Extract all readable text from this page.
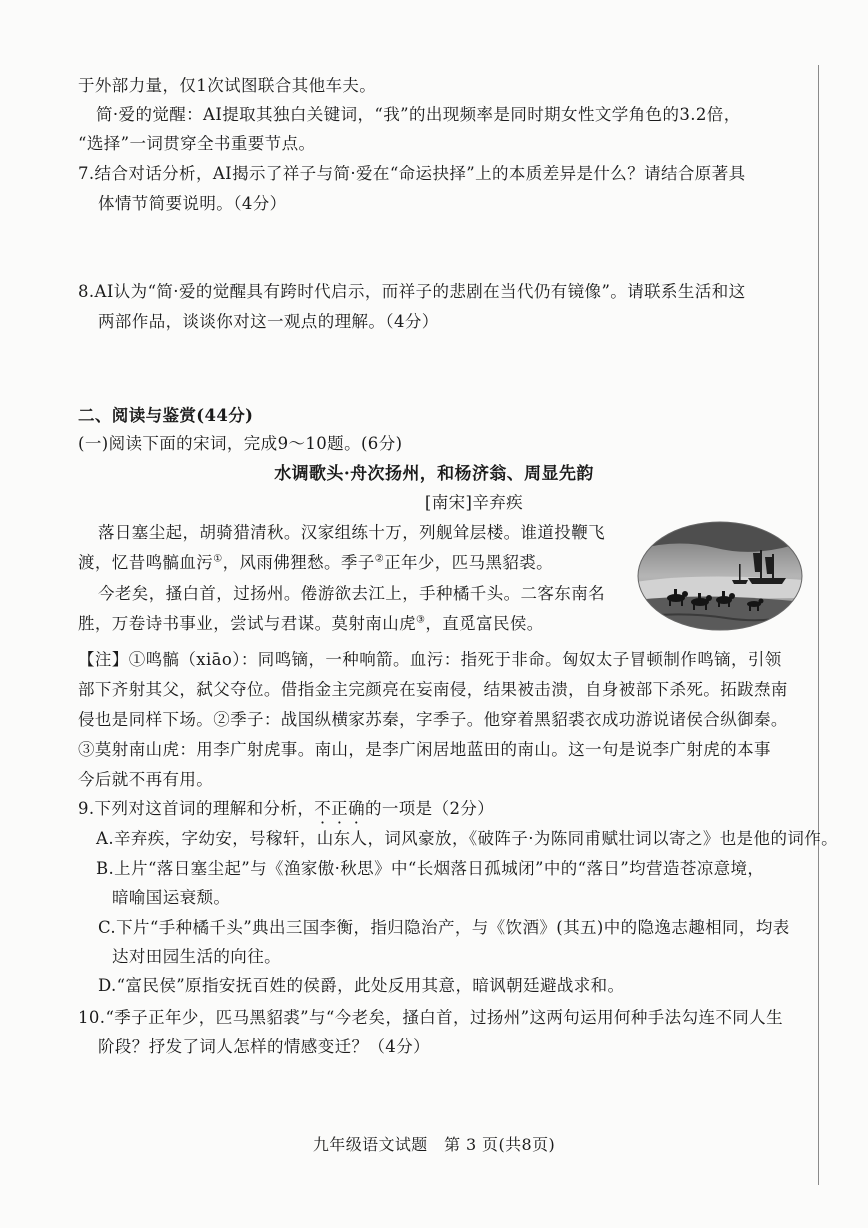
于外部力量，仅1次试图联合其他车夫。
简·爱的觉醒：AI提取其独白关键词，“我”的出现频率是同时期女性文学角色的3.2倍，
“选择”一词贯穿全书重要节点。
7.结合对话分析，AI揭示了祥子与简·爱在“命运抉择”上的本质差异是什么？请结合原著具
体情节简要说明。（4分）
8.AI认为“简·爱的觉醒具有跨时代启示，而祥子的悲剧在当代仍有镜像”。请联系生活和这
两部作品，谈谈你对这一观点的理解。（4分）
二、阅读与鉴赏(44分)
(一)阅读下面的宋词，完成9～10题。(6分)
水调歌头·舟次扬州，和杨济翁、周显先韵
[南宋]辛弃疾
落日塞尘起，胡骑猎清秋。汉家组练十万，列舰耸层楼。谁道投鞭飞
渡，忆昔鸣髇血污①，风雨佛狸愁。季子②正年少，匹马黑貂裘。
今老矣，搔白首，过扬州。倦游欲去江上，手种橘千头。二客东南名
胜，万卷诗书事业，尝试与君谋。莫射南山虎③，直觅富民侯。
【注】①鸣髇（xiāo）：同鸣镝，一种响箭。血污：指死于非命。匈奴太子冒顿制作鸣镝，引领
部下齐射其父，弑父夺位。借指金主完颜亮在妄南侵，结果被击溃，自身被部下杀死。拓跋焘南
侵也是同样下场。②季子：战国纵横家苏秦，字季子。他穿着黑貂裘衣成功游说诸侯合纵御秦。
③莫射南山虎：用李广射虎事。南山，是李广闲居地蓝田的南山。这一句是说李广射虎的本事
今后就不再有用。
9.下列对这首词的理解和分析，不正确的一项是（2分）
A.辛弃疾，字幼安，号稼轩，山东人，词风豪放，《破阵子·为陈同甫赋壮词以寄之》也是他的词作。
B.上片“落日塞尘起”与《渔家傲·秋思》中“长烟落日孤城闭”中的“落日”均营造苍凉意境，
暗喻国运衰颓。
C.下片“手种橘千头”典出三国李衡，指归隐治产，与《饮酒》(其五)中的隐逸志趣相同，均表
达对田园生活的向往。
D.“富民侯”原指安抚百姓的侯爵，此处反用其意，暗讽朝廷避战求和。
10.“季子正年少，匹马黑貂裘”与“今老矣，搔白首，过扬州”这两句运用何种手法勾连不同人生
阶段？抒发了词人怎样的情感变迁？（4分）
九年级语文试题　第 3 页(共8页)
